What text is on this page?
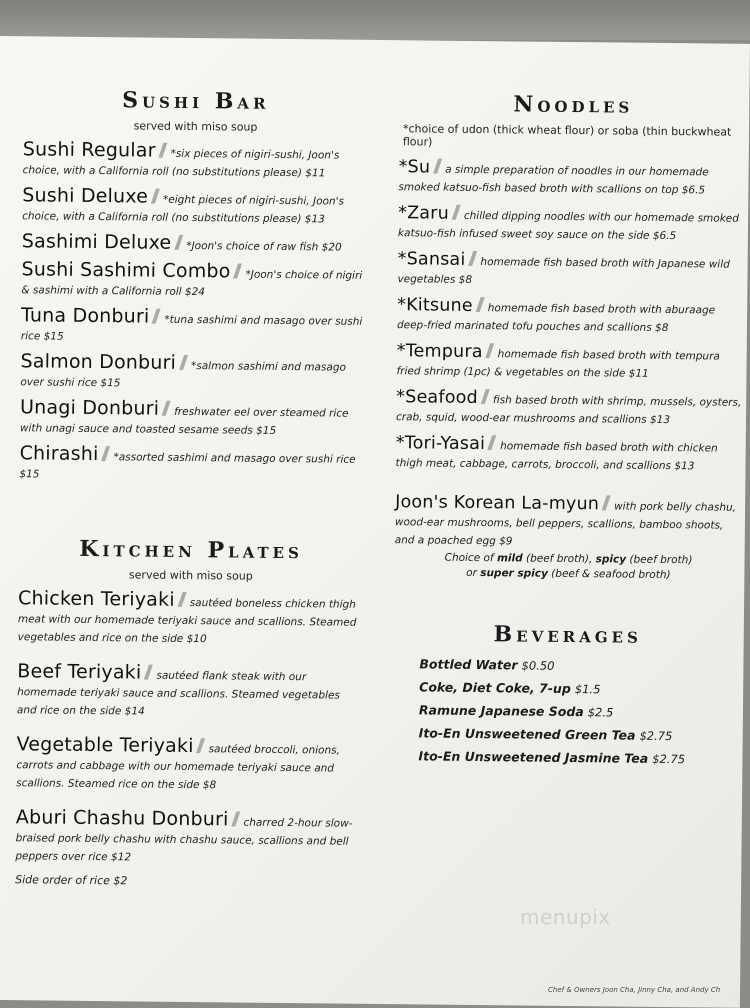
Sushi Bar
served with miso soup
Sushi Regular *six pieces of nigiri-sushi, Joon's choice, with a California roll (no substitutions please) $11
Sushi Deluxe *eight pieces of nigiri-sushi, Joon's choice, with a California roll (no substitutions please) $13
Sashimi Deluxe *Joon's choice of raw fish $20
Sushi Sashimi Combo *Joon's choice of nigiri & sashimi with a California roll $24
Tuna Donburi *tuna sashimi and masago over sushi rice $15
Salmon Donburi *salmon sashimi and masago over sushi rice $15
Unagi Donburi freshwater eel over steamed rice with unagi sauce and toasted sesame seeds $15
Chirashi *assorted sashimi and masago over sushi rice $15
Kitchen Plates
served with miso soup
Chicken Teriyaki sautéed boneless chicken thigh meat with our homemade teriyaki sauce and scallions. Steamed vegetables and rice on the side $10
Beef Teriyaki sautéed flank steak with our homemade teriyaki sauce and scallions. Steamed vegetables and rice on the side $14
Vegetable Teriyaki sautéed broccoli, onions, carrots and cabbage with our homemade teriyaki sauce and scallions. Steamed rice on the side $8
Aburi Chashu Donburi charred 2-hour slow-braised pork belly chashu with chashu sauce, scallions and bell peppers over rice $12
Side order of rice $2
Noodles
*choice of udon (thick wheat flour) or soba (thin buckwheat flour)
*Su a simple preparation of noodles in our homemade smoked katsuo-fish based broth with scallions on top $6.5
*Zaru chilled dipping noodles with our homemade smoked katsuo-fish infused sweet soy sauce on the side $6.5
*Sansai homemade fish based broth with Japanese wild vegetables $8
*Kitsune homemade fish based broth with aburaage deep-fried marinated tofu pouches and scallions $8
*Tempura homemade fish based broth with tempura fried shrimp (1pc) & vegetables on the side $11
*Seafood fish based broth with shrimp, mussels, oysters, crab, squid, wood-ear mushrooms and scallions $13
*Tori-Yasai homemade fish based broth with chicken thigh meat, cabbage, carrots, broccoli, and scallions $13
Joon's Korean La-myun with pork belly chashu, wood-ear mushrooms, bell peppers, scallions, bamboo shoots, and a poached egg $9
Choice of mild (beef broth), spicy (beef broth)
or super spicy (beef & seafood broth)
Beverages
Bottled Water $0.50
Coke, Diet Coke, 7-up $1.5
Ramune Japanese Soda $2.5
Ito-En Unsweetened Green Tea $2.75
Ito-En Unsweetened Jasmine Tea $2.75
menupix
Chef & Owners Joon Cha, Jinny Cha, and Andy Ch
